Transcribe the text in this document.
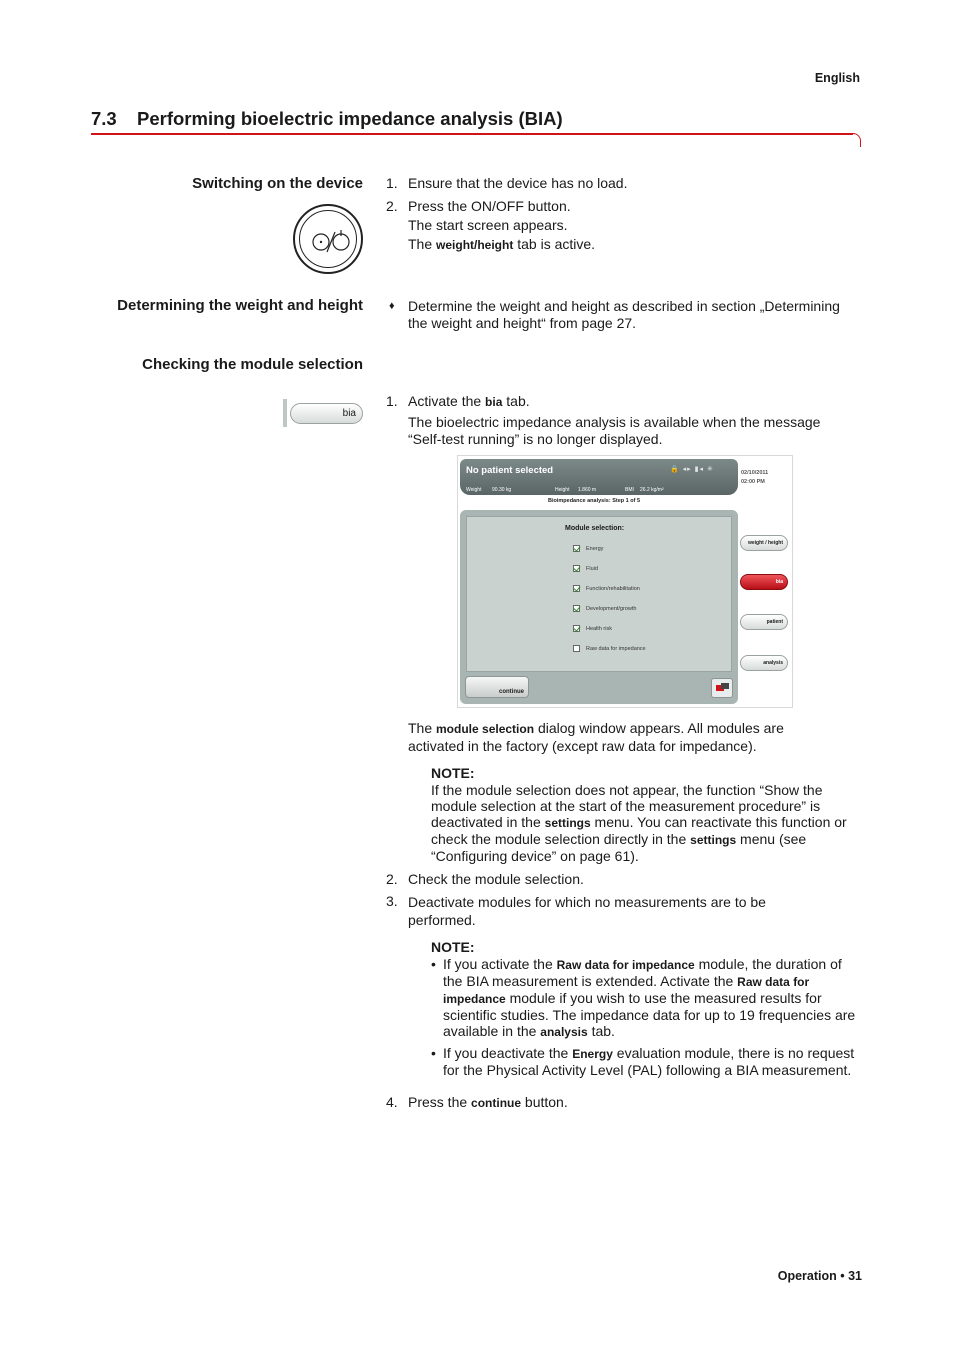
English
7.3 Performing bioelectric impedance analysis (BIA)
Switching on the device 1. Ensure that the device has no load.
2. Press the ON/OFF button.
The start screen appears.
The weight/height tab is active.
Determining the weight and height ♦ Determine the weight and height as described in section „Determining the weight and height“ from page 27.
Checking the module selection
bia
1. Activate the bia tab.
The bioelectric impedance analysis is available when the message “Self-test running” is no longer displayed.
No patient selected	🔒 ◂▸ ▮◂ ✳
Weight 90.30 kg	Height 1.860 m	BMI 26.2 kg/m²
02/10/2011
02:00 PM
Bioimpedance analysis: Step 1 of 5
Module selection:
Energy
Fluid
Function/rehabilitation
Development/growth
Health risk
Raw data for impedance
continue
weight / height
bia
patient
analysis
The module selection dialog window appears. All modules are activated in the factory (except raw data for impedance).
NOTE:
If the module selection does not appear, the function “Show the module selection at the start of the measurement procedure” is deactivated in the settings menu. You can reactivate this function or check the module selection directly in the settings menu (see “Configuring device” on page 61).
2. Check the module selection.
3. Deactivate modules for which no measurements are to be performed.
NOTE:
• If you activate the Raw data for impedance module, the duration of the BIA measurement is extended. Activate the Raw data for impedance module if you wish to use the measured results for scientific studies. The impedance data for up to 19 frequencies are available in the analysis tab.
• If you deactivate the Energy evaluation module, there is no request for the Physical Activity Level (PAL) following a BIA measurement.
4. Press the continue button.
Operation • 31
